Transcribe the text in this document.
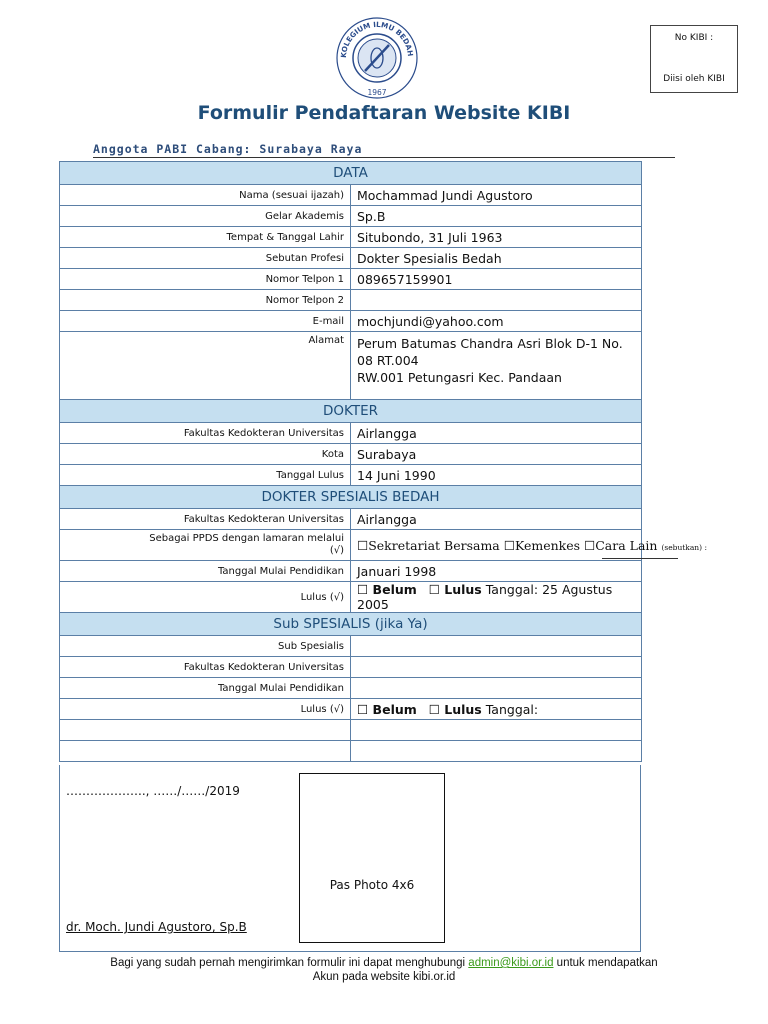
KOLEGIUM ILMU BEDAH
1967
No KIBI :
Diisi oleh KIBI
Formulir Pendaftaran Website KIBI
Anggota PABI Cabang: Surabaya Raya
DATA	
Nama (sesuai ijazah)	Mochammad Jundi Agustoro
Gelar Akademis	Sp.B
Tempat & Tanggal Lahir	Situbondo, 31 Juli 1963
Sebutan Profesi	Dokter Spesialis Bedah
Nomor Telpon 1	089657159901
Nomor Telpon 2	
E-mail	mochjundi@yahoo.com
Alamat	Perum Batumas Chandra Asri Blok D-1 No. 08 RT.004
RW.001 Petungasri Kec. Pandaan

DOKTER	
Fakultas Kedokteran Universitas	Airlangga
Kota	Surabaya
Tanggal Lulus	14 Juni 1990
DOKTER SPESIALIS BEDAH	
Fakultas Kedokteran Universitas	Airlangga

Sebagai PPDS dengan lamaran melalui
(√)	☐Sekretariat Bersama ☐Kemenkes ☐Cara Lain (sebutkan) :
Tanggal Mulai Pendidikan	Januari 1998
Lulus (√)	☐ Belum ☐ Lulus Tanggal: 25 Agustus 2005
Sub SPESIALIS (jika Ya)	
Sub Spesialis	
Fakultas Kedokteran Universitas	
Tanggal Mulai Pendidikan	
Lulus (√)	☐ Belum ☐ Lulus Tanggal:

……………….., ……/……/2019
dr. Moch. Jundi Agustoro, Sp.B
Pas Photo 4x6
Bagi yang sudah pernah mengirimkan formulir ini dapat menghubungi admin@kibi.or.id untuk mendapatkan
Akun pada website kibi.or.id
